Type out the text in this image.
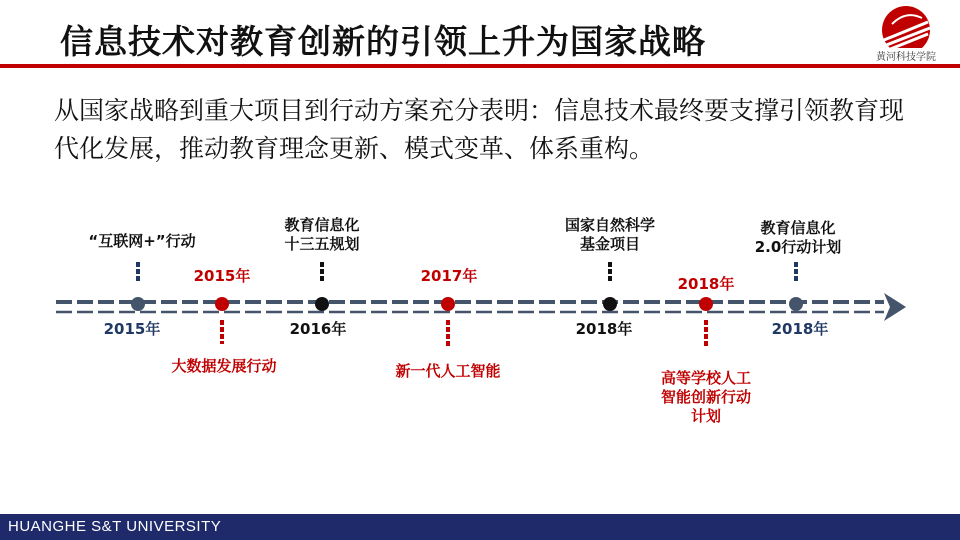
信息技术对教育创新的引领上升为国家战略	黄河科技学院
从国家战略到重大项目到行动方案充分表明：信息技术最终要支撑引领教育现代化发展，推动教育理念更新、模式变革、体系重构。
“互联网+”行动
2015年
2015年
大数据发展行动
教育信息化
十三五规划
2016年
2017年
新一代人工智能
国家自然科学
基金项目
2018年
2018年
高等学校人工
智能创新行动
计划
教育信息化
2.0行动计划
2018年
HUANGHE S&T UNIVERSITY
